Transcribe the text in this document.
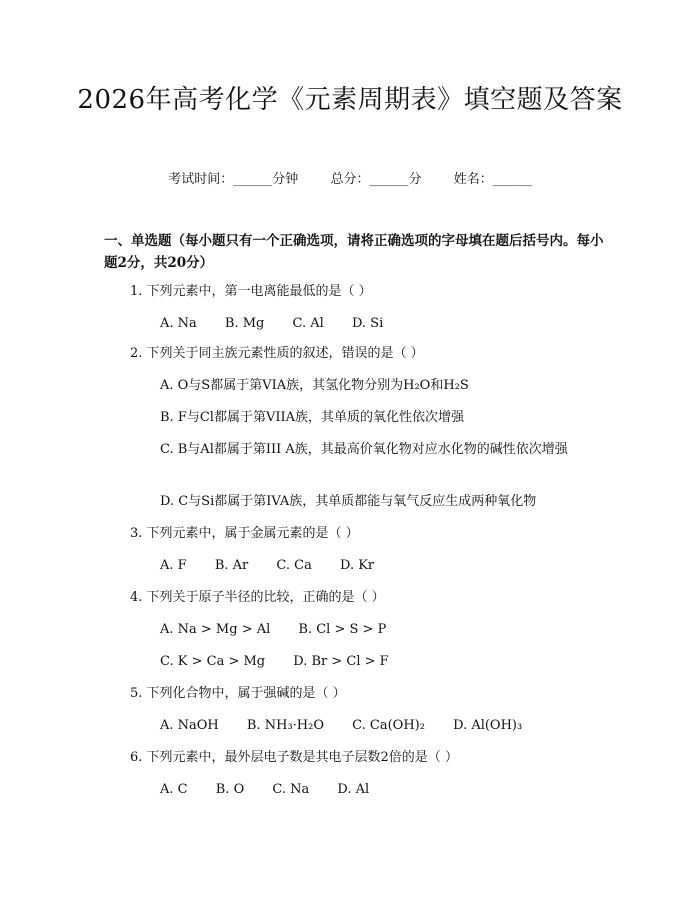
2026年高考化学《元素周期表》填空题及答案
考试时间：______分钟 总分：______分 姓名：______
一、单选题（每小题只有一个正确选项，请将正确选项的字母填在题后括号内。每小题2分，共20分）
1. 下列元素中，第一电离能最低的是（ ）
A. Na B. Mg C. Al D. Si
2. 下列关于同主族元素性质的叙述，错误的是（ ）
A. O与S都属于第VIA族，其氢化物分别为H₂O和H₂S
B. F与Cl都属于第VIIA族，其单质的氧化性依次增强
C. B与Al都属于第III A族，其最高价氧化物对应水化物的碱性依次增强
D. C与Si都属于第IVA族，其单质都能与氧气反应生成两种氧化物
3. 下列元素中，属于金属元素的是（ ）
A. F B. Ar C. Ca D. Kr
4. 下列关于原子半径的比较，正确的是（ ）
A. Na > Mg > Al B. Cl > S > P
C. K > Ca > Mg D. Br > Cl > F
5. 下列化合物中，属于强碱的是（ ）
A. NaOH B. NH₃·H₂O C. Ca(OH)₂ D. Al(OH)₃
6. 下列元素中，最外层电子数是其电子层数2倍的是（ ）
A. C B. O C. Na D. Al
